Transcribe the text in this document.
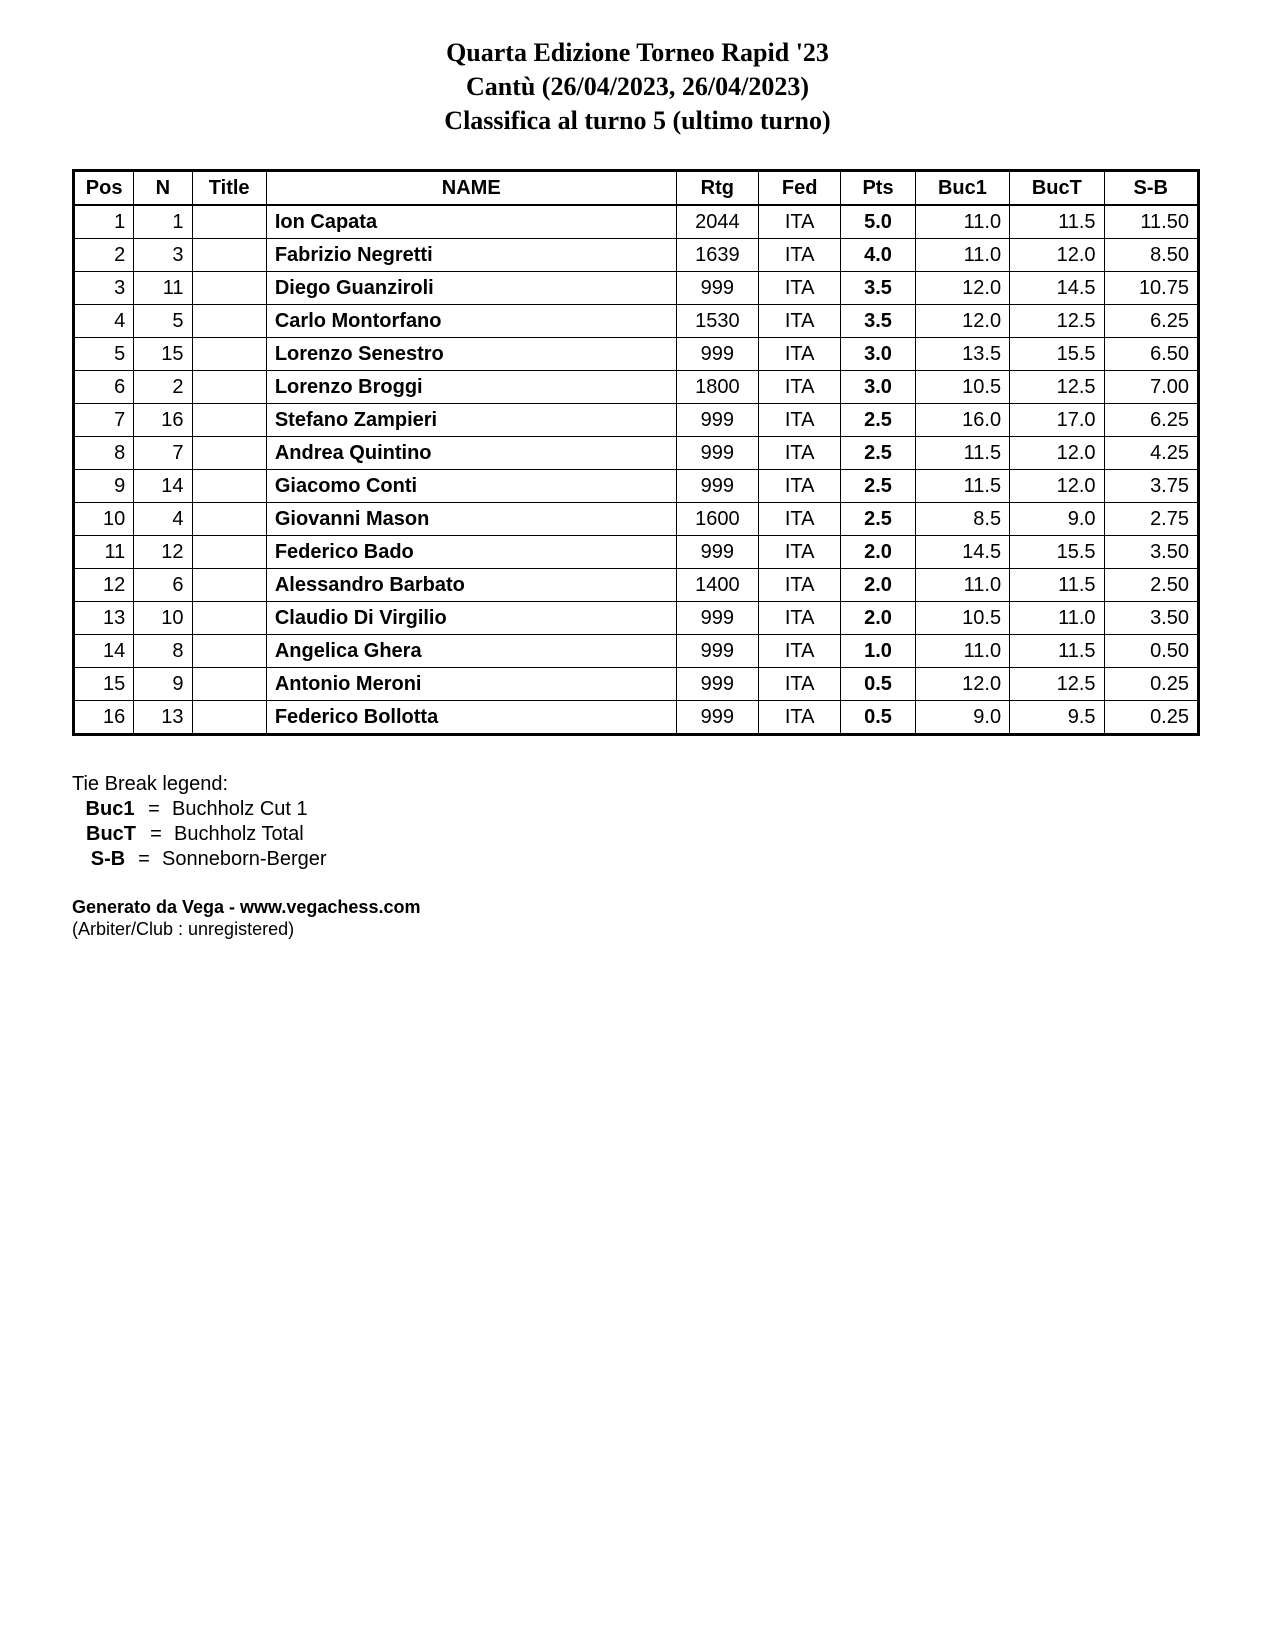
Quarta Edizione Torneo Rapid '23
Cantù (26/04/2023, 26/04/2023)
Classifica al turno 5 (ultimo turno)
Pos	N	Title	NAME	Rtg	Fed	Pts	Buc1	BucT	S-B
1	1		Ion Capata	2044	ITA	5.0	11.0	11.5	11.50
2	3		Fabrizio Negretti	1639	ITA	4.0	11.0	12.0	8.50
3	11		Diego Guanziroli	999	ITA	3.5	12.0	14.5	10.75
4	5		Carlo Montorfano	1530	ITA	3.5	12.0	12.5	6.25
5	15		Lorenzo Senestro	999	ITA	3.0	13.5	15.5	6.50
6	2		Lorenzo Broggi	1800	ITA	3.0	10.5	12.5	7.00
7	16		Stefano Zampieri	999	ITA	2.5	16.0	17.0	6.25
8	7		Andrea Quintino	999	ITA	2.5	11.5	12.0	4.25
9	14		Giacomo Conti	999	ITA	2.5	11.5	12.0	3.75
10	4		Giovanni Mason	1600	ITA	2.5	8.5	9.0	2.75
11	12		Federico Bado	999	ITA	2.0	14.5	15.5	3.50
12	6		Alessandro Barbato	1400	ITA	2.0	11.0	11.5	2.50
13	10		Claudio Di Virgilio	999	ITA	2.0	10.5	11.0	3.50
14	8		Angelica Ghera	999	ITA	1.0	11.0	11.5	0.50
15	9		Antonio Meroni	999	ITA	0.5	12.0	12.5	0.25
16	13		Federico Bollotta	999	ITA	0.5	9.0	9.5	0.25
Tie Break legend:
Buc1 = Buchholz Cut 1
BucT = Buchholz Total
S-B = Sonneborn-Berger
Generato da Vega - www.vegachess.com
(Arbiter/Club : unregistered)
